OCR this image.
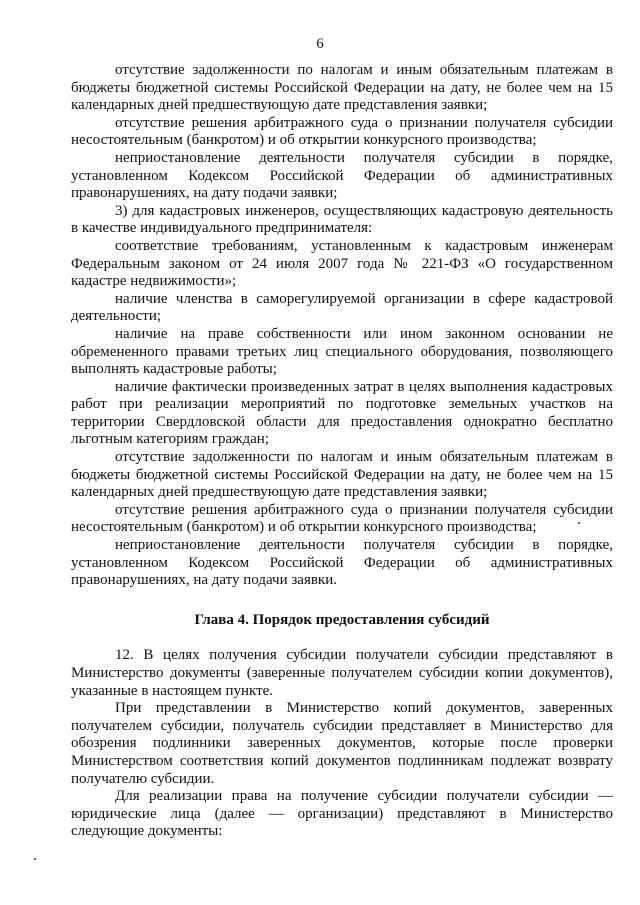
6

отсутствие задолженности по налогам и иным обязательным платежам в бюджеты бюджетной системы Российской Федерации на дату, не более чем на 15 календарных дней предшествующую дате представления заявки;

отсутствие решения арбитражного суда о признании получателя субсидии несостоятельным (банкротом) и об открытии конкурсного производства;

неприостановление деятельности получателя субсидии в порядке, установленном Кодексом Российской Федерации об административных правонарушениях, на дату подачи заявки;

3) для кадастровых инженеров, осуществляющих кадастровую деятельность в качестве индивидуального предпринимателя:

соответствие требованиям, установленным к кадастровым инженерам Федеральным законом от 24 июля 2007 года № 221-ФЗ «О государственном кадастре недвижимости»;

наличие членства в саморегулируемой организации в сфере кадастровой деятельности;

наличие на праве собственности или ином законном основании не обремененного правами третьих лиц специального оборудования, позволяющего выполнять кадастровые работы;

наличие фактически произведенных затрат в целях выполнения кадастровых работ при реализации мероприятий по подготовке земельных участков на территории Свердловской области для предоставления однократно бесплатно льготным категориям граждан;

отсутствие задолженности по налогам и иным обязательным платежам в бюджеты бюджетной системы Российской Федерации на дату, не более чем на 15 календарных дней предшествующую дате представления заявки;

отсутствие решения арбитражного суда о признании получателя субсидии несостоятельным (банкротом) и об открытии конкурсного производства;

неприостановление деятельности получателя субсидии в порядке, установленном Кодексом Российской Федерации об административных правонарушениях, на дату подачи заявки.

Глава 4. Порядок предоставления субсидий

12. В целях получения субсидии получатели субсидии представляют в Министерство документы (заверенные получателем субсидии копии документов), указанные в настоящем пункте.

При представлении в Министерство копий документов, заверенных получателем субсидии, получатель субсидии представляет в Министерство для обозрения подлинники заверенных документов, которые после проверки Министерством соответствия копий документов подлинникам подлежат возврату получателю субсидии.

Для реализации права на получение субсидии получатели субсидии — юридические лица (далее — организации) представляют в Министерство следующие документы:
